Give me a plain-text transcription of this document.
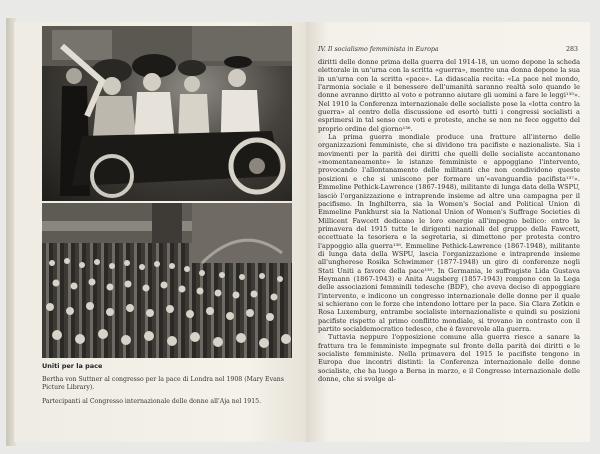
Uniti per la pace
Bertha von Suttner al congresso per la pace di Londra nel 1908 (Mary Evans Picture Library).
Partecipanti al Congresso internazionale delle donne all'Aja nel 1915.
IV. Il socialismo femminista in Europa	283

diritti delle donne prima della guerra del 1914-18, un uomo depone la scheda elettorale in un'urna con la scritta «guerra», mentre una donna depone la sua in un'urna con la scritta «pace». La didascalia recita: «La pace nel mondo, l'armonia sociale e il benessere dell'umanità saranno realtà solo quando le donne avranno diritto al voto e potranno aiutare gli uomini a fare le leggi¹³⁵». Nel 1910 la Conferenza internazionale delle socialiste pose la «lotta contro la guerra» al centro della discussione ed esortò tutti i congressi socialisti a esprimersi in tal senso con voti e proteste, anche se non ne fece oggetto del proprio ordine del giorno¹³⁶.

La prima guerra mondiale produce una fratture all'interno delle organizzazioni femministe, che si dividono tra pacifiste e nazionaliste. Sia i movimenti per la parità dei diritti che quelli delle socialiste accantonano «momentaneamente» le istanze femministe e appoggiano l'intervento, provocando l'allontanamento delle militanti che non condividono queste posizioni e che si uniscono per formare un'«avanguardia pacifista¹³⁷». Emmeline Pethick-Lawrence (1867-1948), militante di lunga data della WSPU, lasciò l'organizzazione e intraprende insieme ad altre una campagna per il pacifismo. In Inghilterra, sia la Women's Social and Political Union di Emmeline Pankhurst sia la National Union of Women's Suffrage Societies di Millicent Fawcett dedicano le loro energie all'impegno bellico: entro la primavera del 1915 tutte le dirigenti nazionali del gruppo della Fawcett, eccettuate la tesoriera e la segretaria, si dimettono per protesta contro l'appoggio alla guerra¹³⁸. Emmeline Pethick-Lawrence (1867-1948), militante di lunga data della WSPU, lascia l'organizzazione e intraprende insieme all'ungherese Rosika Schwimmer (1877-1948) un giro di conferenze negli Stati Uniti a favore della pace¹³⁹. In Germania, le suffragiste Lida Gustava Heymann (1867-1943) e Anita Augsberg (1857-1943) rompono con la Lega delle associazioni femminili tedesche (BDF), che aveva deciso di appoggiare l'intervento, e indicono un congresso internazionale delle donne per il quale si schierano con le forze che intendono lottare per la pace. Sia Clara Zetkin e Rosa Luxemburg, entrambe socialiste internazionaliste e quindi su posizioni pacifiste rispetto al primo conflitto mondiale, si trovano in contrasto con il partito socialdemocratico tedesco, che è favorevole alla guerra.

Tuttavia neppure l'opposizione comune alla guerra riesce a sanare la frattura tra le femministe impegnate sul fronte della parità dei diritti e le socialiste femministe. Nella primavera del 1915 le pacifiste tengono in Europa due incontri distinti: la Conferenza internazionale delle donne socialiste, che ha luogo a Berna in marzo, e il Congresso internazionale delle donne, che si svolge al-
